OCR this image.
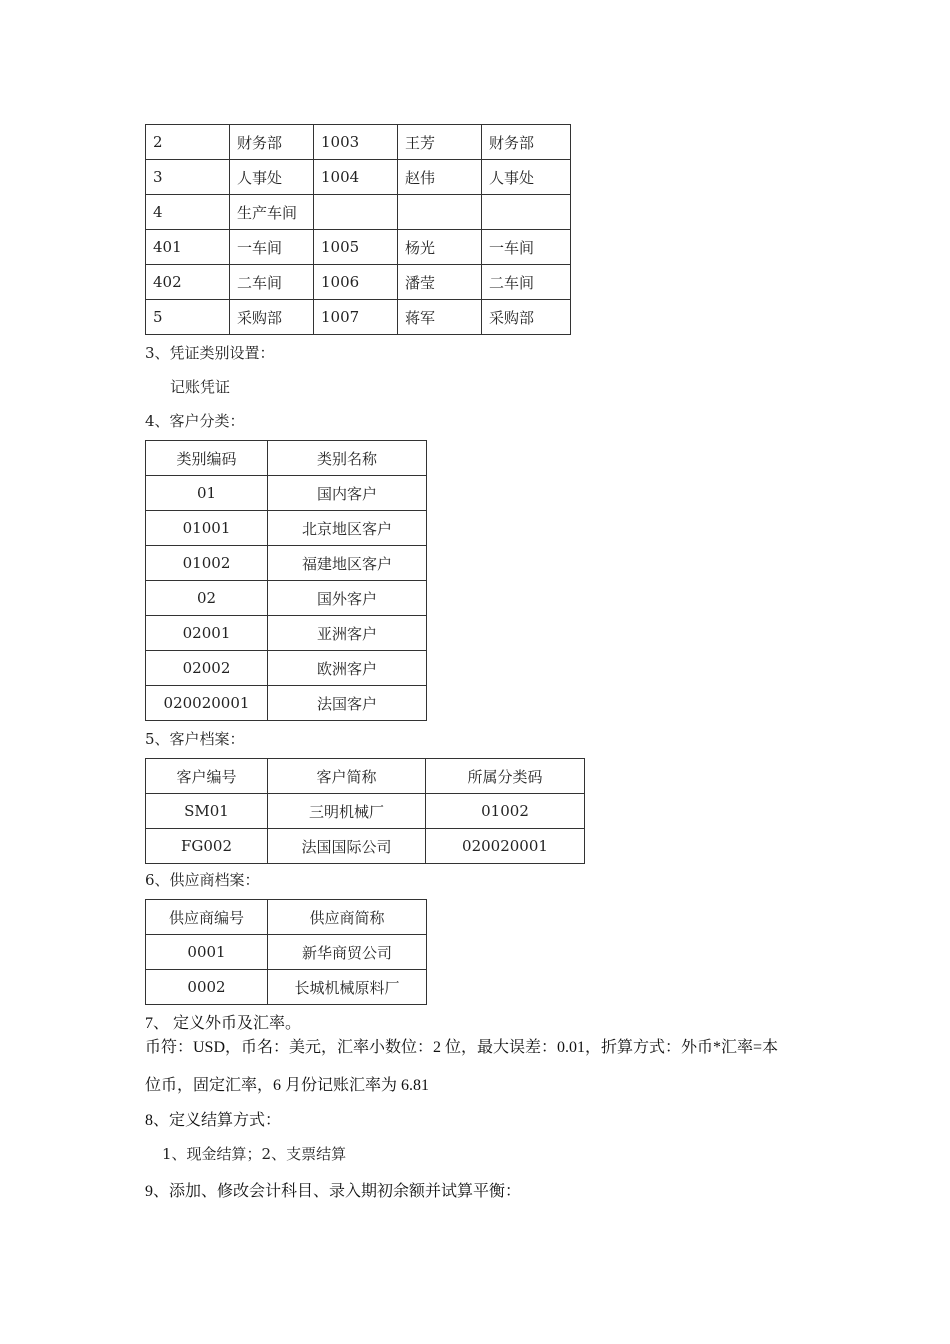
2	财务部	1003	王芳	财务部
3	人事处	1004	赵伟	人事处
4	生产车间			
401	一车间	1005	杨光	一车间
402	二车间	1006	潘莹	二车间
5	采购部	1007	蒋军	采购部
3、凭证类别设置：
记账凭证
4、客户分类：
类别编码	类别名称
01	国内客户
01001	北京地区客户
01002	福建地区客户
02	国外客户
02001	亚洲客户
02002	欧洲客户
020020001	法国客户
5、客户档案：
客户编号	客户简称	所属分类码
SM01	三明机械厂	01002
FG002	法国国际公司	020020001
6、供应商档案：
供应商编号	供应商简称
0001	新华商贸公司
0002	长城机械原料厂
7、 定义外币及汇率。
币符：USD，币名：美元，汇率小数位：2 位，最大误差：0.01，折算方式：外币*汇率=本
位币，固定汇率，6 月份记账汇率为 6.81
8、定义结算方式：
1、现金结算；2、支票结算
9、添加、修改会计科目、录入期初余额并试算平衡：
